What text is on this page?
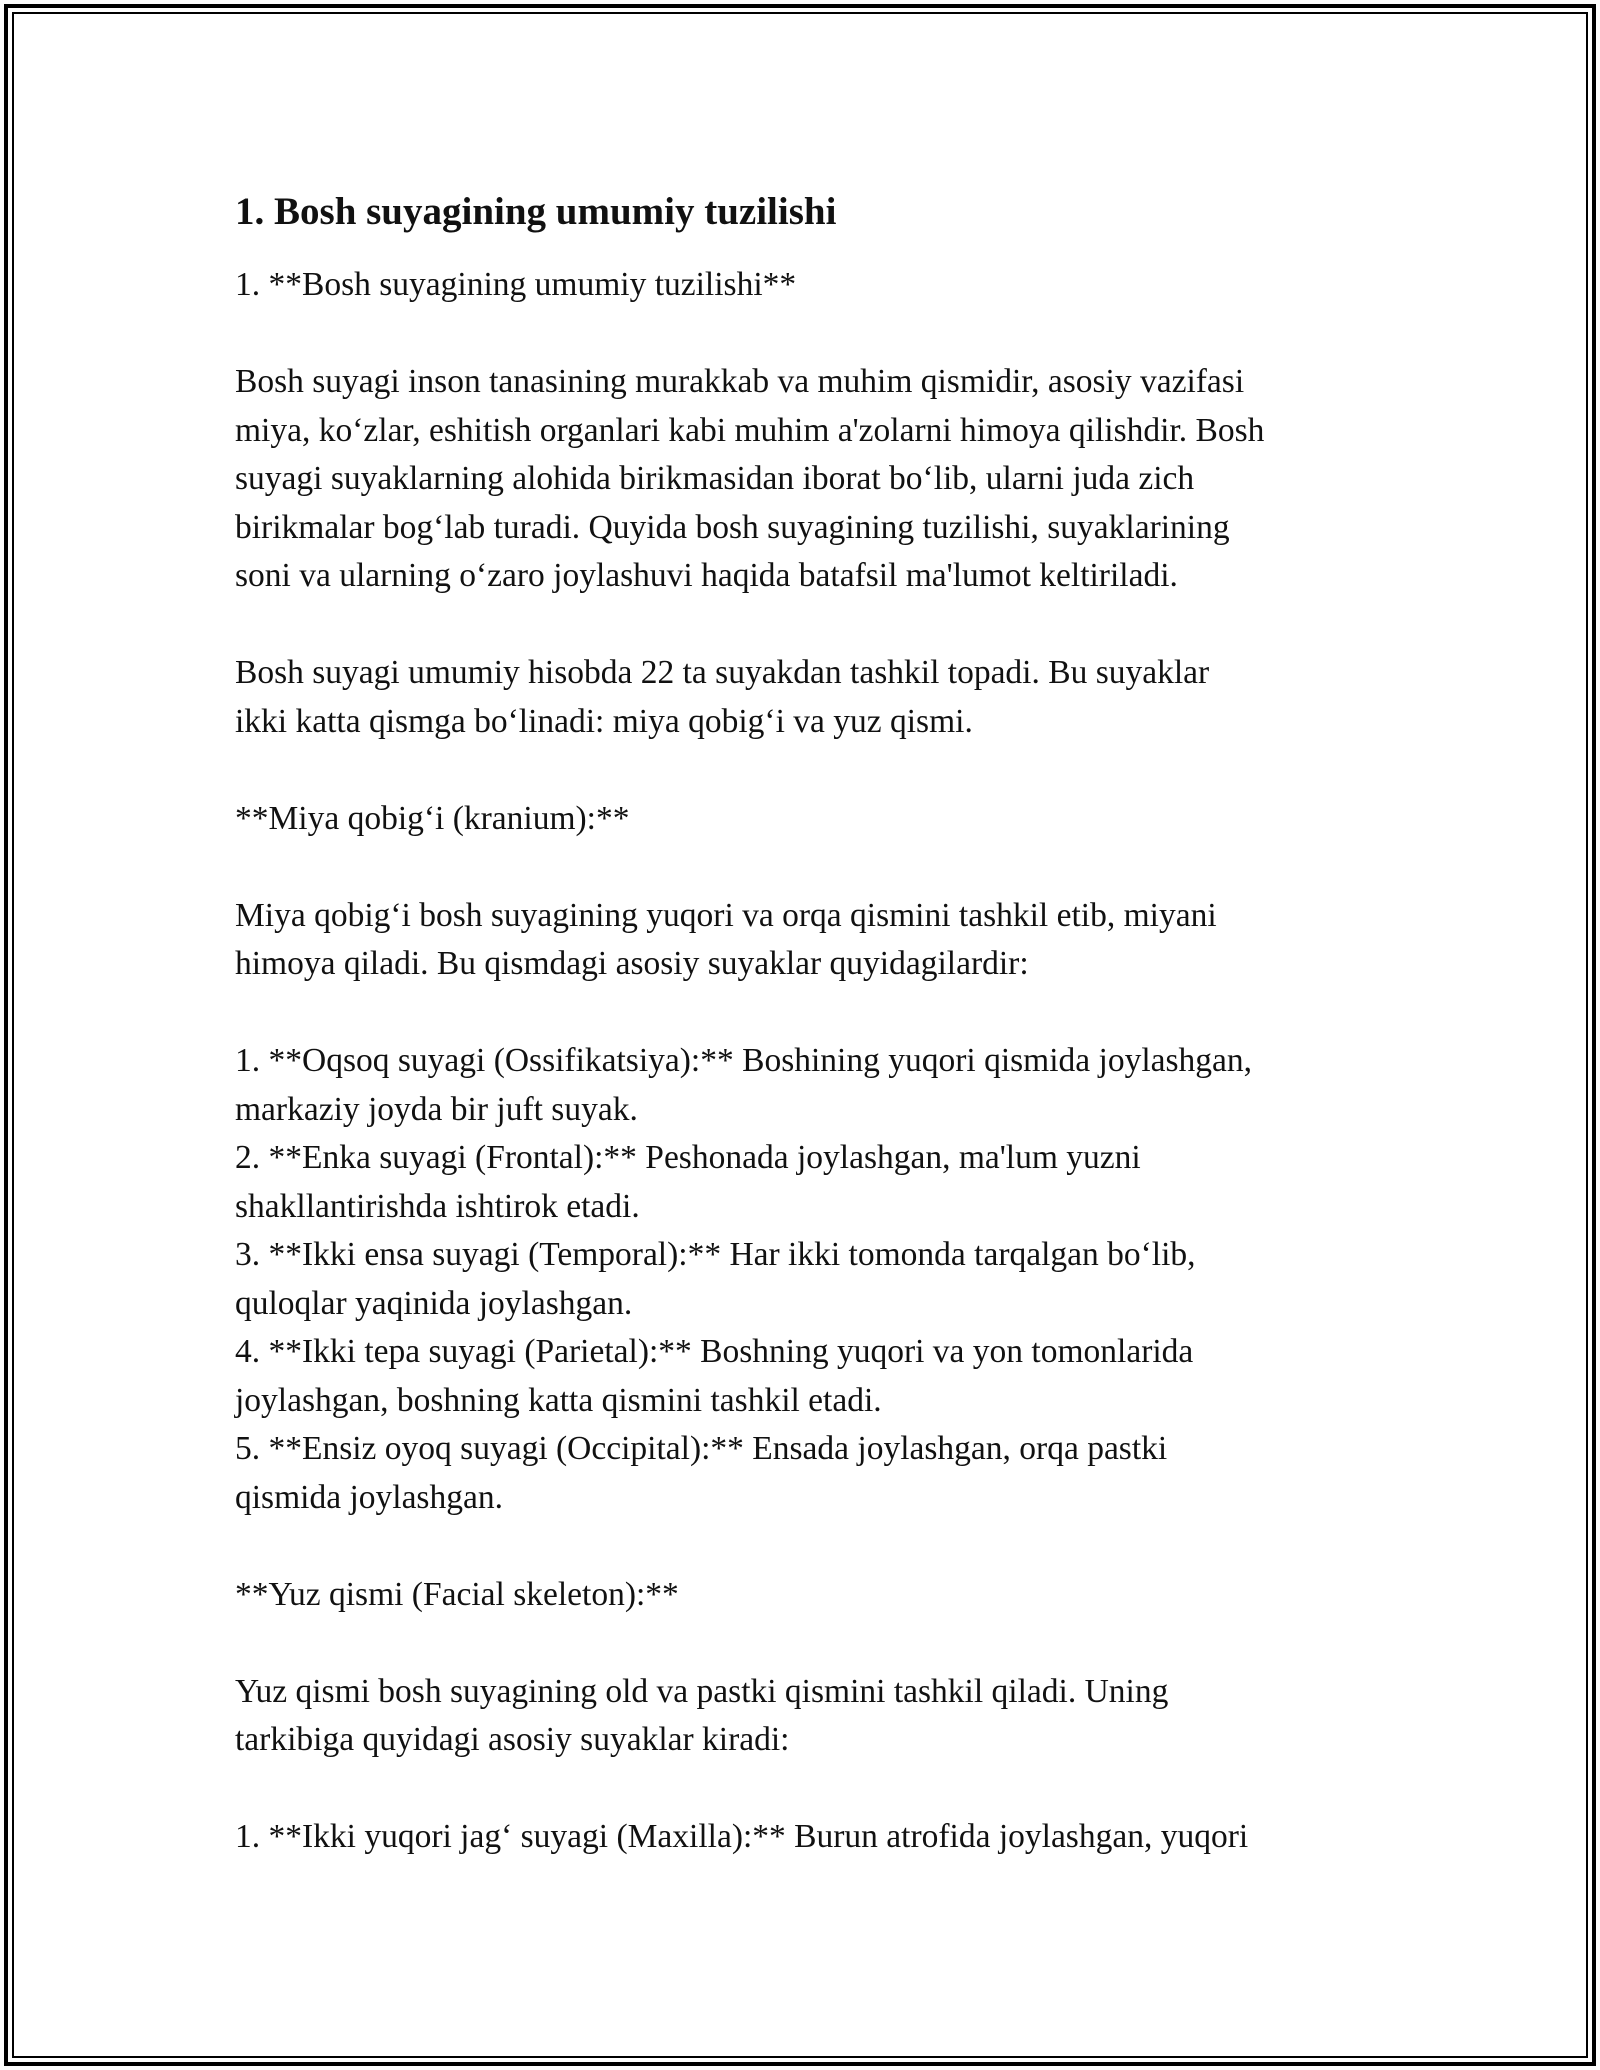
1. Bosh suyagining umumiy tuzilishi
1. **Bosh suyagining umumiy tuzilishi**
Bosh suyagi inson tanasining murakkab va muhim qismidir, asosiy vazifasi
miya, ko‘zlar, eshitish organlari kabi muhim a'zolarni himoya qilishdir. Bosh
suyagi suyaklarning alohida birikmasidan iborat bo‘lib, ularni juda zich
birikmalar bog‘lab turadi. Quyida bosh suyagining tuzilishi, suyaklarining
soni va ularning o‘zaro joylashuvi haqida batafsil ma'lumot keltiriladi.
Bosh suyagi umumiy hisobda 22 ta suyakdan tashkil topadi. Bu suyaklar
ikki katta qismga bo‘linadi: miya qobig‘i va yuz qismi.
**Miya qobig‘i (kranium):**
Miya qobig‘i bosh suyagining yuqori va orqa qismini tashkil etib, miyani
himoya qiladi. Bu qismdagi asosiy suyaklar quyidagilardir:
1. **Oqsoq suyagi (Ossifikatsiya):** Boshining yuqori qismida joylashgan,
markaziy joyda bir juft suyak.
2. **Enka suyagi (Frontal):** Peshonada joylashgan, ma'lum yuzni
shakllantirishda ishtirok etadi.
3. **Ikki ensa suyagi (Temporal):** Har ikki tomonda tarqalgan bo‘lib,
quloqlar yaqinida joylashgan.
4. **Ikki tepa suyagi (Parietal):** Boshning yuqori va yon tomonlarida
joylashgan, boshning katta qismini tashkil etadi.
5. **Ensiz oyoq suyagi (Occipital):** Ensada joylashgan, orqa pastki
qismida joylashgan.
**Yuz qismi (Facial skeleton):**
Yuz qismi bosh suyagining old va pastki qismini tashkil qiladi. Uning
tarkibiga quyidagi asosiy suyaklar kiradi:
1. **Ikki yuqori jag‘ suyagi (Maxilla):** Burun atrofida joylashgan, yuqori
